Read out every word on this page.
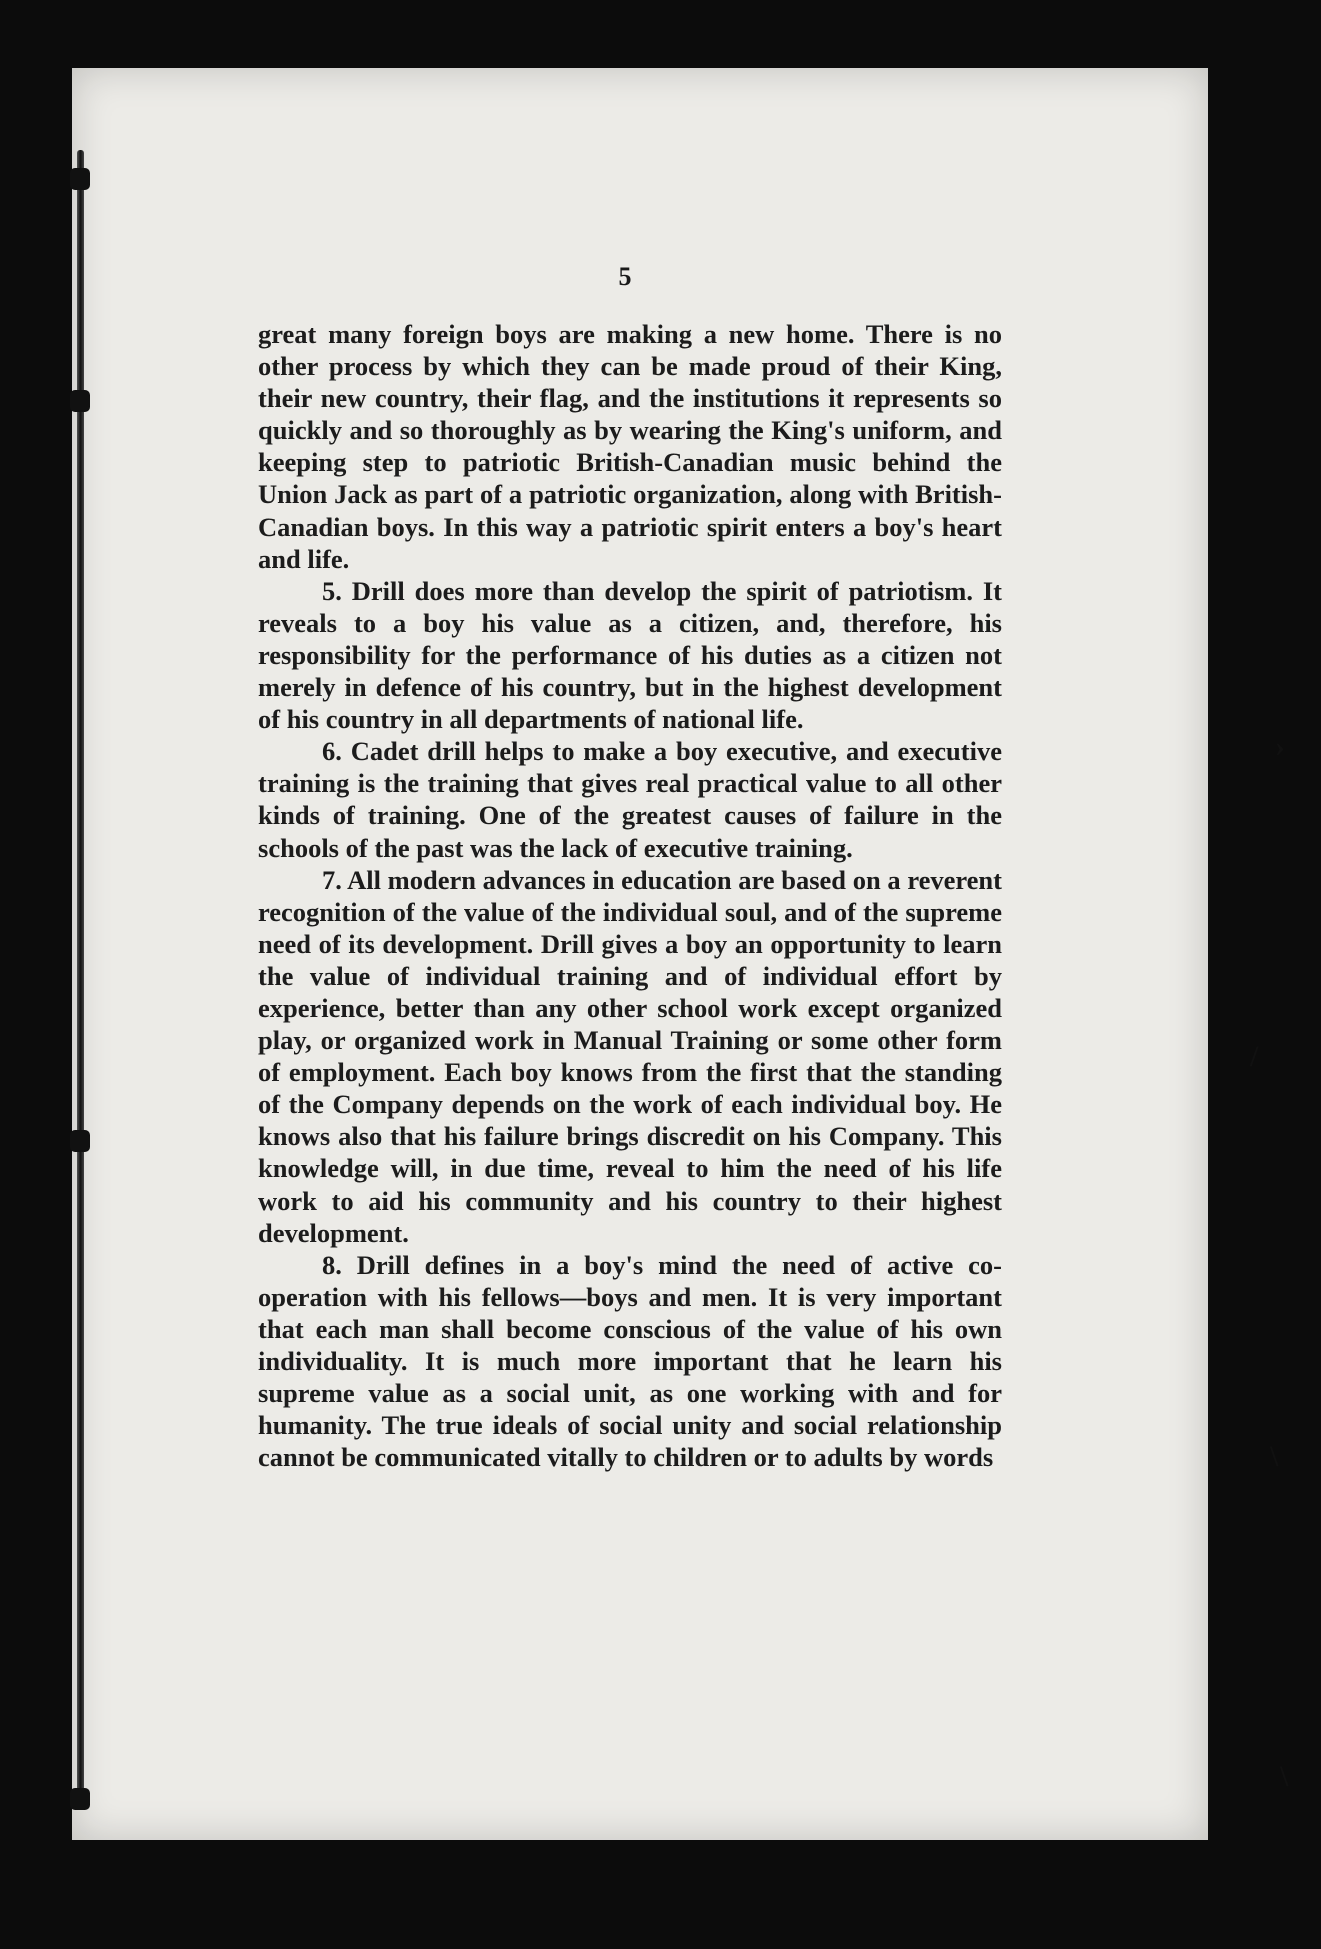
5

great many foreign boys are making a new home. There is no other process by which they can be made proud of their King, their new country, their flag, and the institutions it represents so quickly and so thoroughly as by wearing the King's uniform, and keeping step to patriotic British-Canadian music behind the Union Jack as part of a patriotic organization, along with British-Canadian boys. In this way a patriotic spirit enters a boy's heart and life.

5. Drill does more than develop the spirit of patriotism. It reveals to a boy his value as a citizen, and, therefore, his responsibility for the performance of his duties as a citizen not merely in defence of his country, but in the highest development of his country in all departments of national life.

6. Cadet drill helps to make a boy executive, and executive training is the training that gives real practical value to all other kinds of training. One of the greatest causes of failure in the schools of the past was the lack of executive training.

7. All modern advances in education are based on a reverent recognition of the value of the individual soul, and of the supreme need of its development. Drill gives a boy an opportunity to learn the value of individual training and of individual effort by experience, better than any other school work except organized play, or organized work in Manual Training or some other form of employment. Each boy knows from the first that the standing of the Company depends on the work of each individual boy. He knows also that his failure brings discredit on his Company. This knowledge will, in due time, reveal to him the need of his life work to aid his community and his country to their highest development.

8. Drill defines in a boy's mind the need of active co-operation with his fellows—boys and men. It is very important that each man shall become conscious of the value of his own individuality. It is much more important that he learn his supreme value as a social unit, as one working with and for humanity. The true ideals of social unity and social relationship cannot be communicated vitally to children or to adults by words

›
/
\
\
